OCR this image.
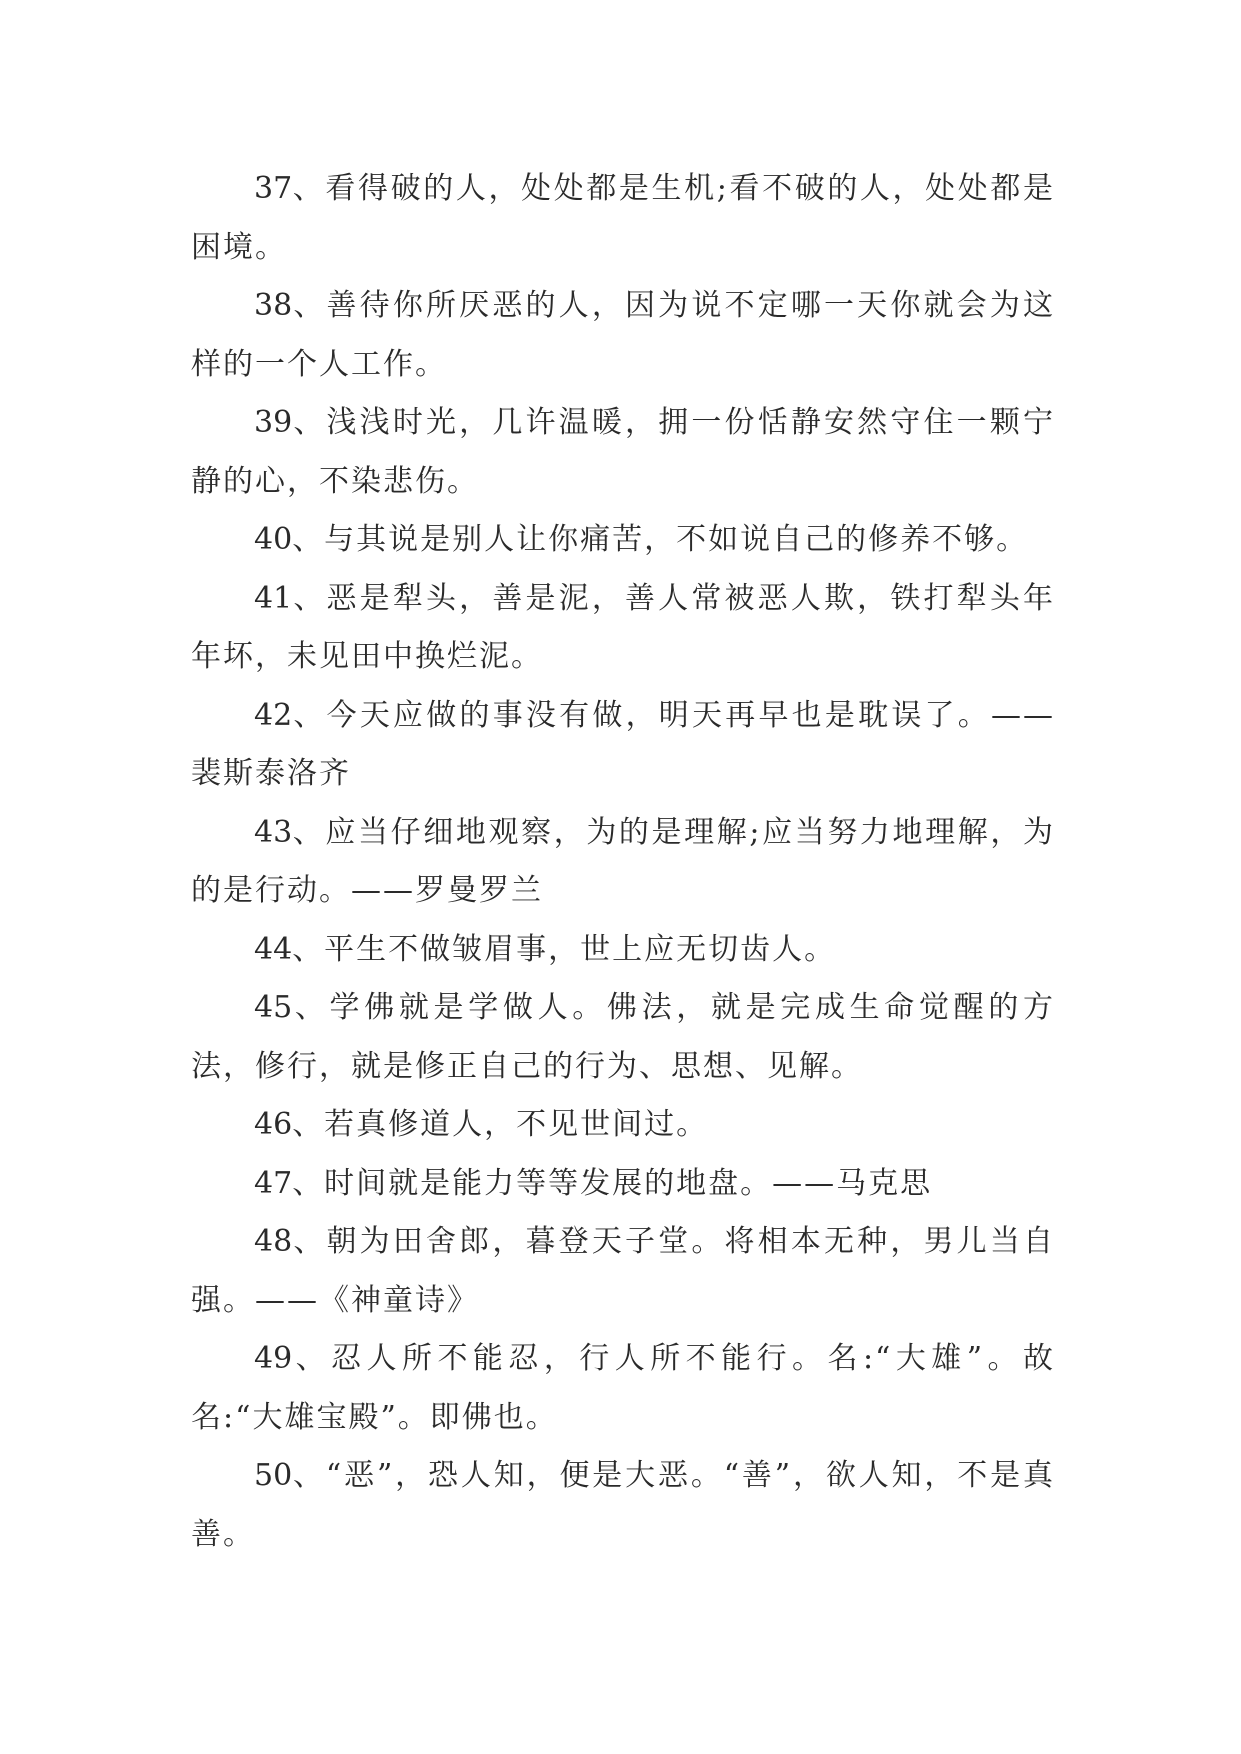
37、看得破的人，处处都是生机;看不破的人，处处都是困境。

38、善待你所厌恶的人，因为说不定哪一天你就会为这样的一个人工作。

39、浅浅时光，几许温暖，拥一份恬静安然守住一颗宁静的心，不染悲伤。

40、与其说是别人让你痛苦，不如说自己的修养不够。

41、恶是犁头，善是泥，善人常被恶人欺，铁打犁头年年坏，未见田中换烂泥。

42、今天应做的事没有做，明天再早也是耽误了。——裴斯泰洛齐

43、应当仔细地观察，为的是理解;应当努力地理解，为的是行动。——罗曼罗兰

44、平生不做皱眉事，世上应无切齿人。

45、学佛就是学做人。佛法，就是完成生命觉醒的方法，修行，就是修正自己的行为、思想、见解。

46、若真修道人，不见世间过。

47、时间就是能力等等发展的地盘。——马克思

48、朝为田舍郎，暮登天子堂。将相本无种，男儿当自强。——《神童诗》

49、忍人所不能忍，行人所不能行。名:“大雄”。故名:“大雄宝殿”。即佛也。

50、“恶”，恐人知，便是大恶。“善”，欲人知，不是真善。
